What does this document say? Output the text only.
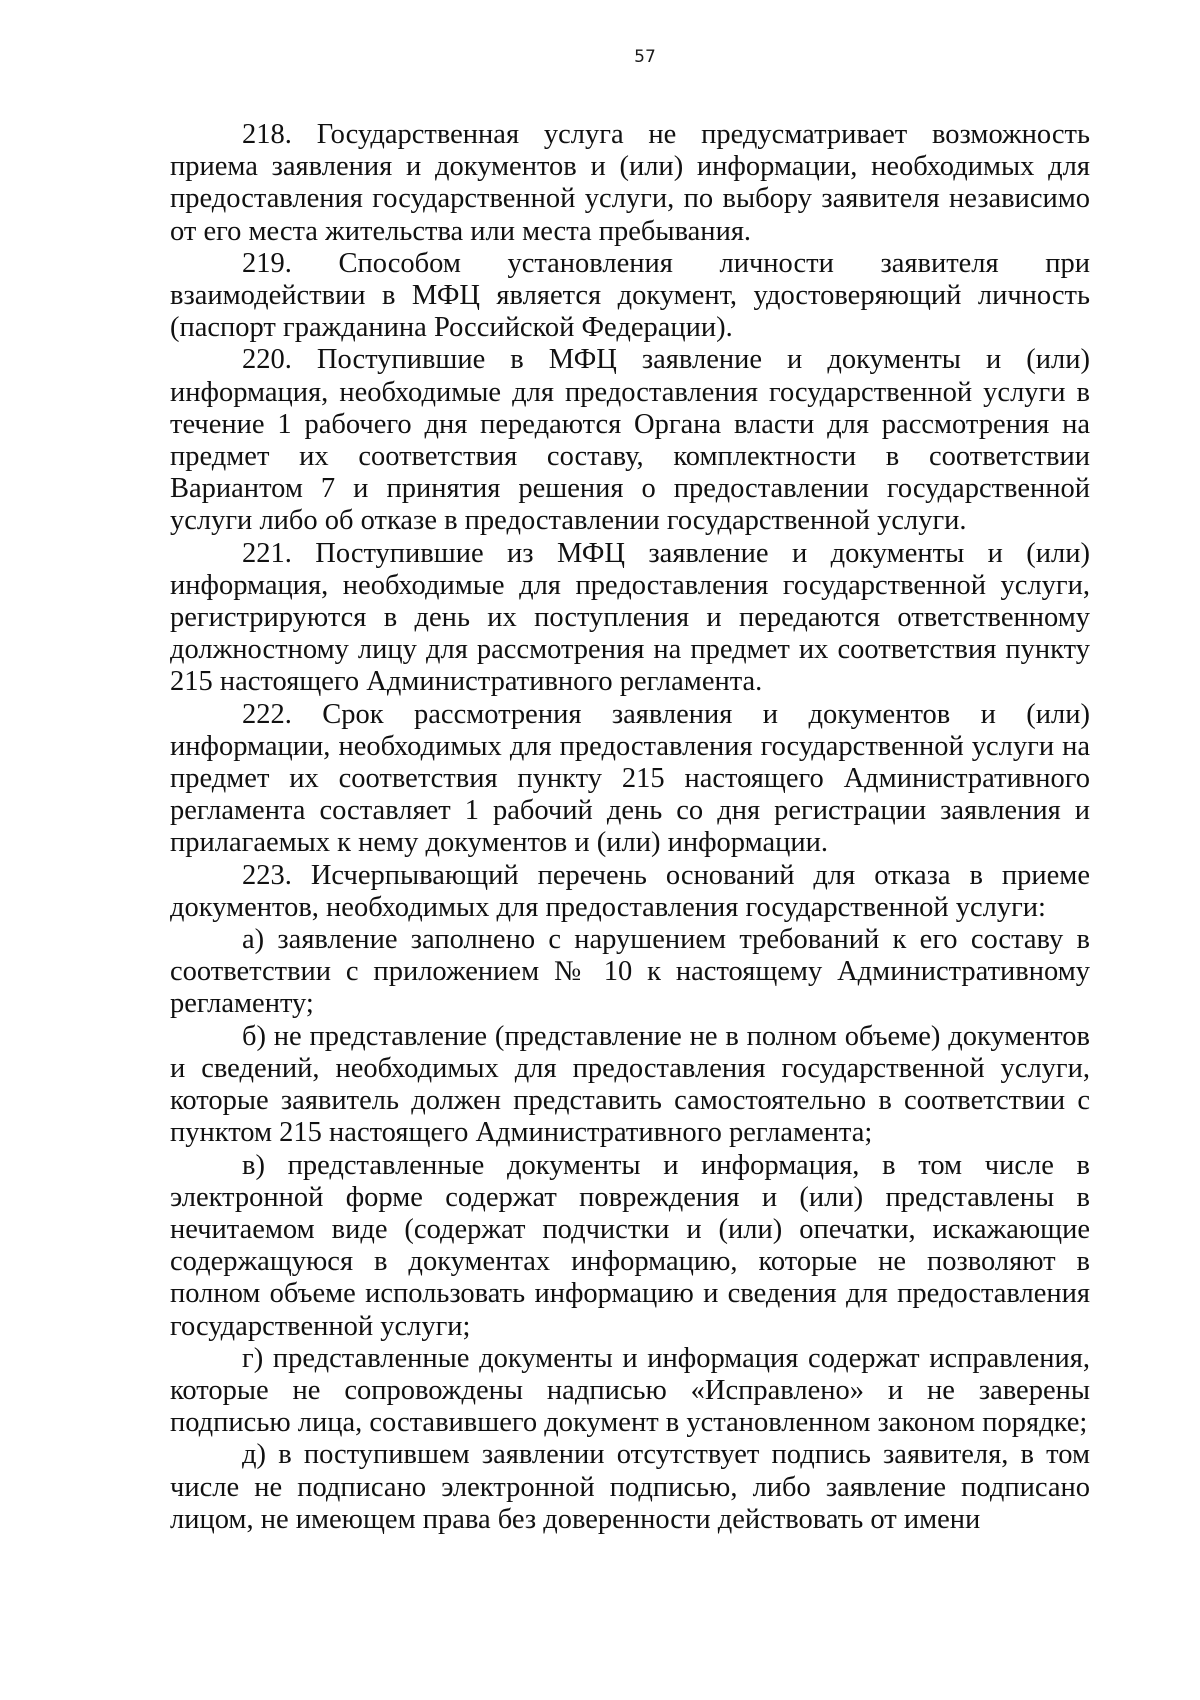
57

218. Государственная услуга не предусматривает возможность приема заявления и документов и (или) информации, необходимых для предоставления государственной услуги, по выбору заявителя независимо от его места жительства или места пребывания.

219. Способом установления личности заявителя при взаимодействии в МФЦ является документ, удостоверяющий личность (паспорт гражданина Российской Федерации).

220. Поступившие в МФЦ заявление и документы и (или) информация, необходимые для предоставления государственной услуги в течение 1 рабочего дня передаются Органа власти для рассмотрения на предмет их соответствия составу, комплектности в соответствии Вариантом 7 и принятия решения о предоставлении государственной услуги либо об отказе в предоставлении государственной услуги.

221. Поступившие из МФЦ заявление и документы и (или) информация, необходимые для предоставления государственной услуги, регистрируются в день их поступления и передаются ответственному должностному лицу для рассмотрения на предмет их соответствия пункту 215 настоящего Административного регламента.

222. Срок рассмотрения заявления и документов и (или) информации, необходимых для предоставления государственной услуги на предмет их соответствия пункту 215 настоящего Административного регламента составляет 1 рабочий день со дня регистрации заявления и прилагаемых к нему документов и (или) информации.

223. Исчерпывающий перечень оснований для отказа в приеме документов, необходимых для предоставления государственной услуги:

а) заявление заполнено с нарушением требований к его составу в соответствии с приложением № 10 к настоящему Административному регламенту;

б) не представление (представление не в полном объеме) документов и сведений, необходимых для предоставления государственной услуги, которые заявитель должен представить самостоятельно в соответствии с пунктом 215 настоящего Административного регламента;

в) представленные документы и информация, в том числе в электронной форме содержат повреждения и (или) представлены в нечитаемом виде (содержат подчистки и (или) опечатки, искажающие содержащуюся в документах информацию, которые не позволяют в полном объеме использовать информацию и сведения для предоставления государственной услуги;

г) представленные документы и информация содержат исправления, которые не сопровождены надписью «Исправлено» и не заверены подписью лица, составившего документ в установленном законом порядке;

д) в поступившем заявлении отсутствует подпись заявителя, в том числе не подписано электронной подписью, либо заявление подписано лицом, не имеющем права без доверенности действовать от имени
